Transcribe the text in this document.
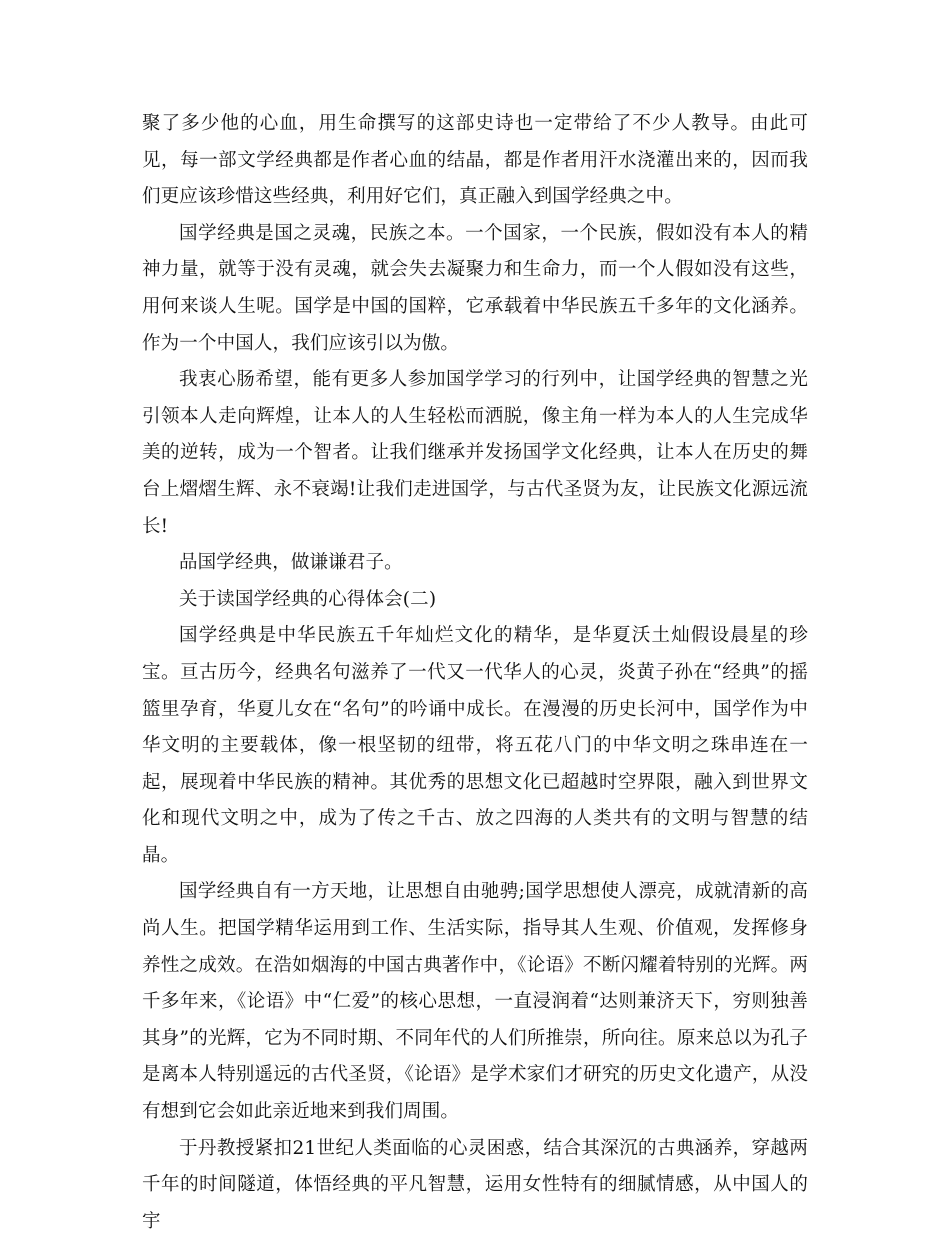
聚了多少他的心血，用生命撰写的这部史诗也一定带给了不少人教导。由此可见，每一部文学经典都是作者心血的结晶，都是作者用汗水浇灌出来的，因而我们更应该珍惜这些经典，利用好它们，真正融入到国学经典之中。

国学经典是国之灵魂，民族之本。一个国家，一个民族，假如没有本人的精神力量，就等于没有灵魂，就会失去凝聚力和生命力，而一个人假如没有这些，用何来谈人生呢。国学是中国的国粹，它承载着中华民族五千多年的文化涵养。作为一个中国人，我们应该引以为傲。

我衷心肠希望，能有更多人参加国学学习的行列中，让国学经典的智慧之光引领本人走向辉煌，让本人的人生轻松而洒脱，像主角一样为本人的人生完成华美的逆转，成为一个智者。让我们继承并发扬国学文化经典，让本人在历史的舞台上熠熠生辉、永不衰竭!让我们走进国学，与古代圣贤为友，让民族文化源远流长!

品国学经典，做谦谦君子。

关于读国学经典的心得体会(二)

国学经典是中华民族五千年灿烂文化的精华，是华夏沃土灿假设晨星的珍宝。亘古历今，经典名句滋养了一代又一代华人的心灵，炎黄子孙在“经典”的摇篮里孕育，华夏儿女在“名句”的吟诵中成长。在漫漫的历史长河中，国学作为中华文明的主要载体，像一根坚韧的纽带，将五花八门的中华文明之珠串连在一起，展现着中华民族的精神。其优秀的思想文化已超越时空界限，融入到世界文化和现代文明之中，成为了传之千古、放之四海的人类共有的文明与智慧的结晶。

国学经典自有一方天地，让思想自由驰骋;国学思想使人漂亮，成就清新的高尚人生。把国学精华运用到工作、生活实际，指导其人生观、价值观，发挥修身养性之成效。在浩如烟海的中国古典著作中，《论语》不断闪耀着特别的光辉。两千多年来，《论语》中“仁爱”的核心思想，一直浸润着“达则兼济天下，穷则独善其身”的光辉，它为不同时期、不同年代的人们所推崇，所向往。原来总以为孔子是离本人特别遥远的古代圣贤，《论语》是学术家们才研究的历史文化遗产，从没有想到它会如此亲近地来到我们周围。

于丹教授紧扣21世纪人类面临的心灵困惑，结合其深沉的古典涵养，穿越两千年的时间隧道，体悟经典的平凡智慧，运用女性特有的细腻情感，从中国人的宇
